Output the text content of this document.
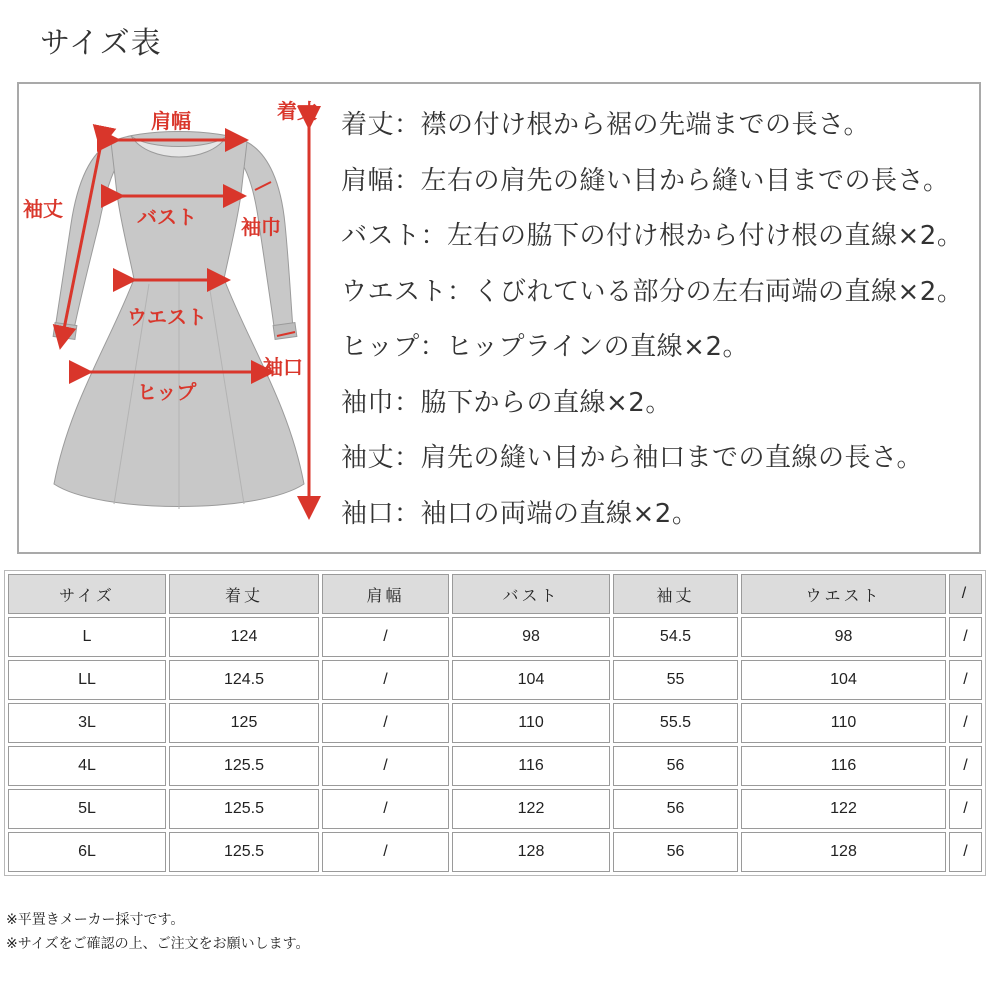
サイズ表
肩幅	着丈
袖丈	バスト 袖巾
ウエスト
袖口
ヒップ
着丈：襟の付け根から裾の先端までの長さ。
肩幅：左右の肩先の縫い目から縫い目までの長さ。
バスト：左右の脇下の付け根から付け根の直線×2。
ウエスト：くびれている部分の左右両端の直線×2。
ヒップ：ヒップラインの直線×2。
袖巾：脇下からの直線×2。
袖丈：肩先の縫い目から袖口までの直線の長さ。
袖口：袖口の両端の直線×2。
サイズ	着丈	肩幅	バスト	袖丈	ウエスト	/
L	124	/	98	54.5	98	/
LL	124.5	/	104	55	104	/
3L	125	/	110	55.5	110	/
4L	125.5	/	116	56	116	/
5L	125.5	/	122	56	122	/
6L	125.5	/	128	56	128	/
※平置きメーカー採寸です。
※サイズをご確認の上、ご注文をお願いします。
